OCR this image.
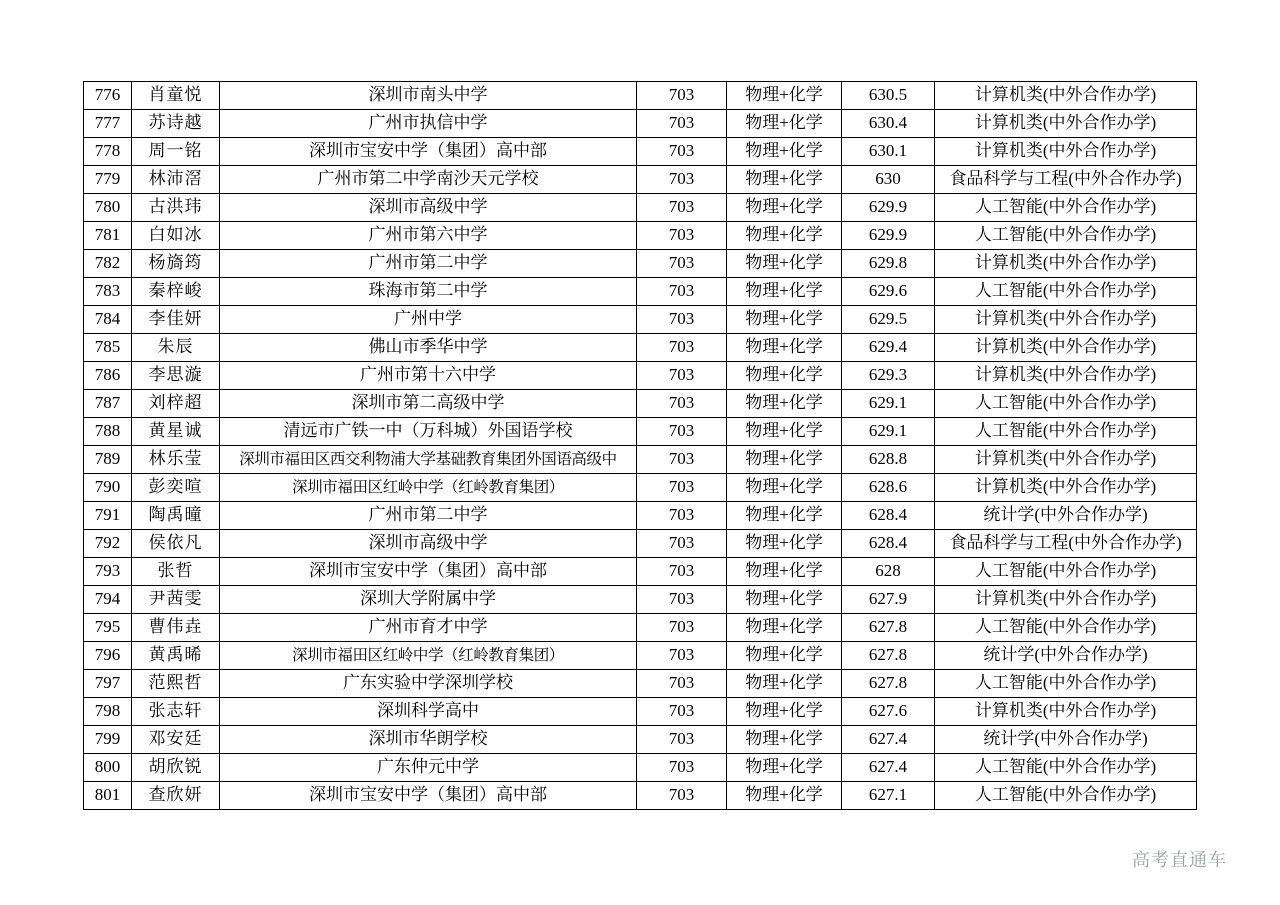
776	肖童悦	深圳市南头中学	703	物理+化学	630.5	计算机类(中外合作办学)
777	苏诗越	广州市执信中学	703	物理+化学	630.4	计算机类(中外合作办学)
778	周一铭	深圳市宝安中学（集团）高中部	703	物理+化学	630.1	计算机类(中外合作办学)
779	林沛滘	广州市第二中学南沙天元学校	703	物理+化学	630	食品科学与工程(中外合作办学)
780	古洪玮	深圳市高级中学	703	物理+化学	629.9	人工智能(中外合作办学)
781	白如冰	广州市第六中学	703	物理+化学	629.9	人工智能(中外合作办学)
782	杨旖筠	广州市第二中学	703	物理+化学	629.8	计算机类(中外合作办学)
783	秦梓峻	珠海市第二中学	703	物理+化学	629.6	人工智能(中外合作办学)
784	李佳妍	广州中学	703	物理+化学	629.5	计算机类(中外合作办学)
785	朱辰	佛山市季华中学	703	物理+化学	629.4	计算机类(中外合作办学)
786	李思漩	广州市第十六中学	703	物理+化学	629.3	计算机类(中外合作办学)
787	刘梓超	深圳市第二高级中学	703	物理+化学	629.1	人工智能(中外合作办学)
788	黄星诚	清远市广铁一中（万科城）外国语学校	703	物理+化学	629.1	人工智能(中外合作办学)
789	林乐莹	深圳市福田区西交利物浦大学基础教育集团外国语高级中	703	物理+化学	628.8	计算机类(中外合作办学)
790	彭奕喧	深圳市福田区红岭中学（红岭教育集团）	703	物理+化学	628.6	计算机类(中外合作办学)
791	陶禹曈	广州市第二中学	703	物理+化学	628.4	统计学(中外合作办学)
792	侯依凡	深圳市高级中学	703	物理+化学	628.4	食品科学与工程(中外合作办学)
793	张哲	深圳市宝安中学（集团）高中部	703	物理+化学	628	人工智能(中外合作办学)
794	尹茜雯	深圳大学附属中学	703	物理+化学	627.9	计算机类(中外合作办学)
795	曹伟垚	广州市育才中学	703	物理+化学	627.8	人工智能(中外合作办学)
796	黄禹晞	深圳市福田区红岭中学（红岭教育集团）	703	物理+化学	627.8	统计学(中外合作办学)
797	范熙哲	广东实验中学深圳学校	703	物理+化学	627.8	人工智能(中外合作办学)
798	张志轩	深圳科学高中	703	物理+化学	627.6	计算机类(中外合作办学)
799	邓安廷	深圳市华朗学校	703	物理+化学	627.4	统计学(中外合作办学)
800	胡欣锐	广东仲元中学	703	物理+化学	627.4	人工智能(中外合作办学)
801	查欣妍	深圳市宝安中学（集团）高中部	703	物理+化学	627.1	人工智能(中外合作办学)
高考直通车
